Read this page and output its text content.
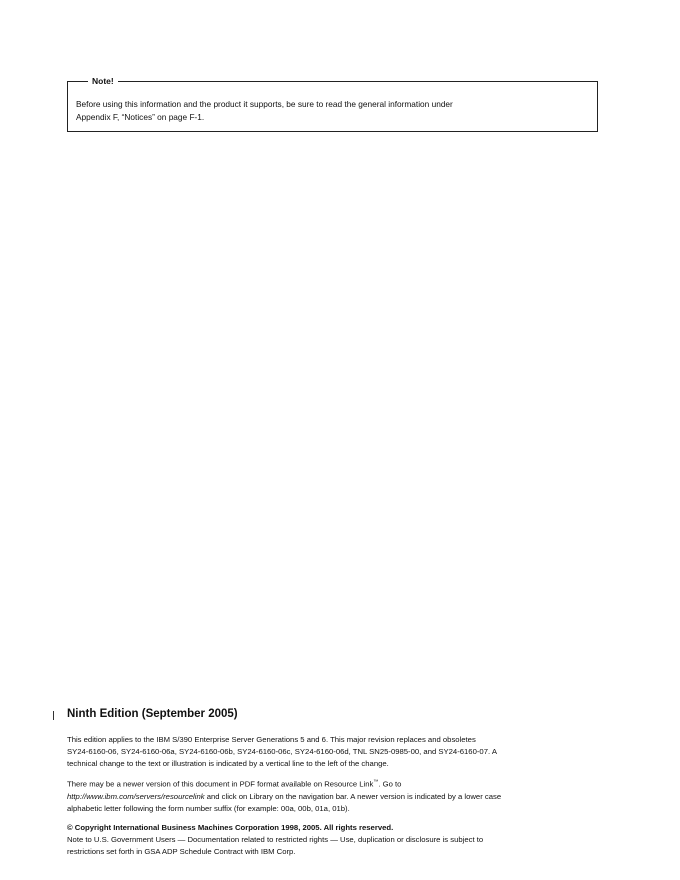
Note!
Before using this information and the product it supports, be sure to read the general information under
Appendix F, “Notices” on page F-1.
Ninth Edition (September 2005)
This edition applies to the IBM S/390 Enterprise Server Generations 5 and 6. This major revision replaces and obsoletes
SY24-6160-06, SY24-6160-06a, SY24-6160-06b, SY24-6160-06c, SY24-6160-06d, TNL SN25-0985-00, and SY24-6160-07. A
technical change to the text or illustration is indicated by a vertical line to the left of the change.
There may be a newer version of this document in PDF format available on Resource Link™. Go to
http://www.ibm.com/servers/resourcelink and click on Library on the navigation bar. A newer version is indicated by a lower case
alphabetic letter following the form number suffix (for example: 00a, 00b, 01a, 01b).
© Copyright International Business Machines Corporation 1998, 2005. All rights reserved.
Note to U.S. Government Users — Documentation related to restricted rights — Use, duplication or disclosure is subject to
restrictions set forth in GSA ADP Schedule Contract with IBM Corp.
